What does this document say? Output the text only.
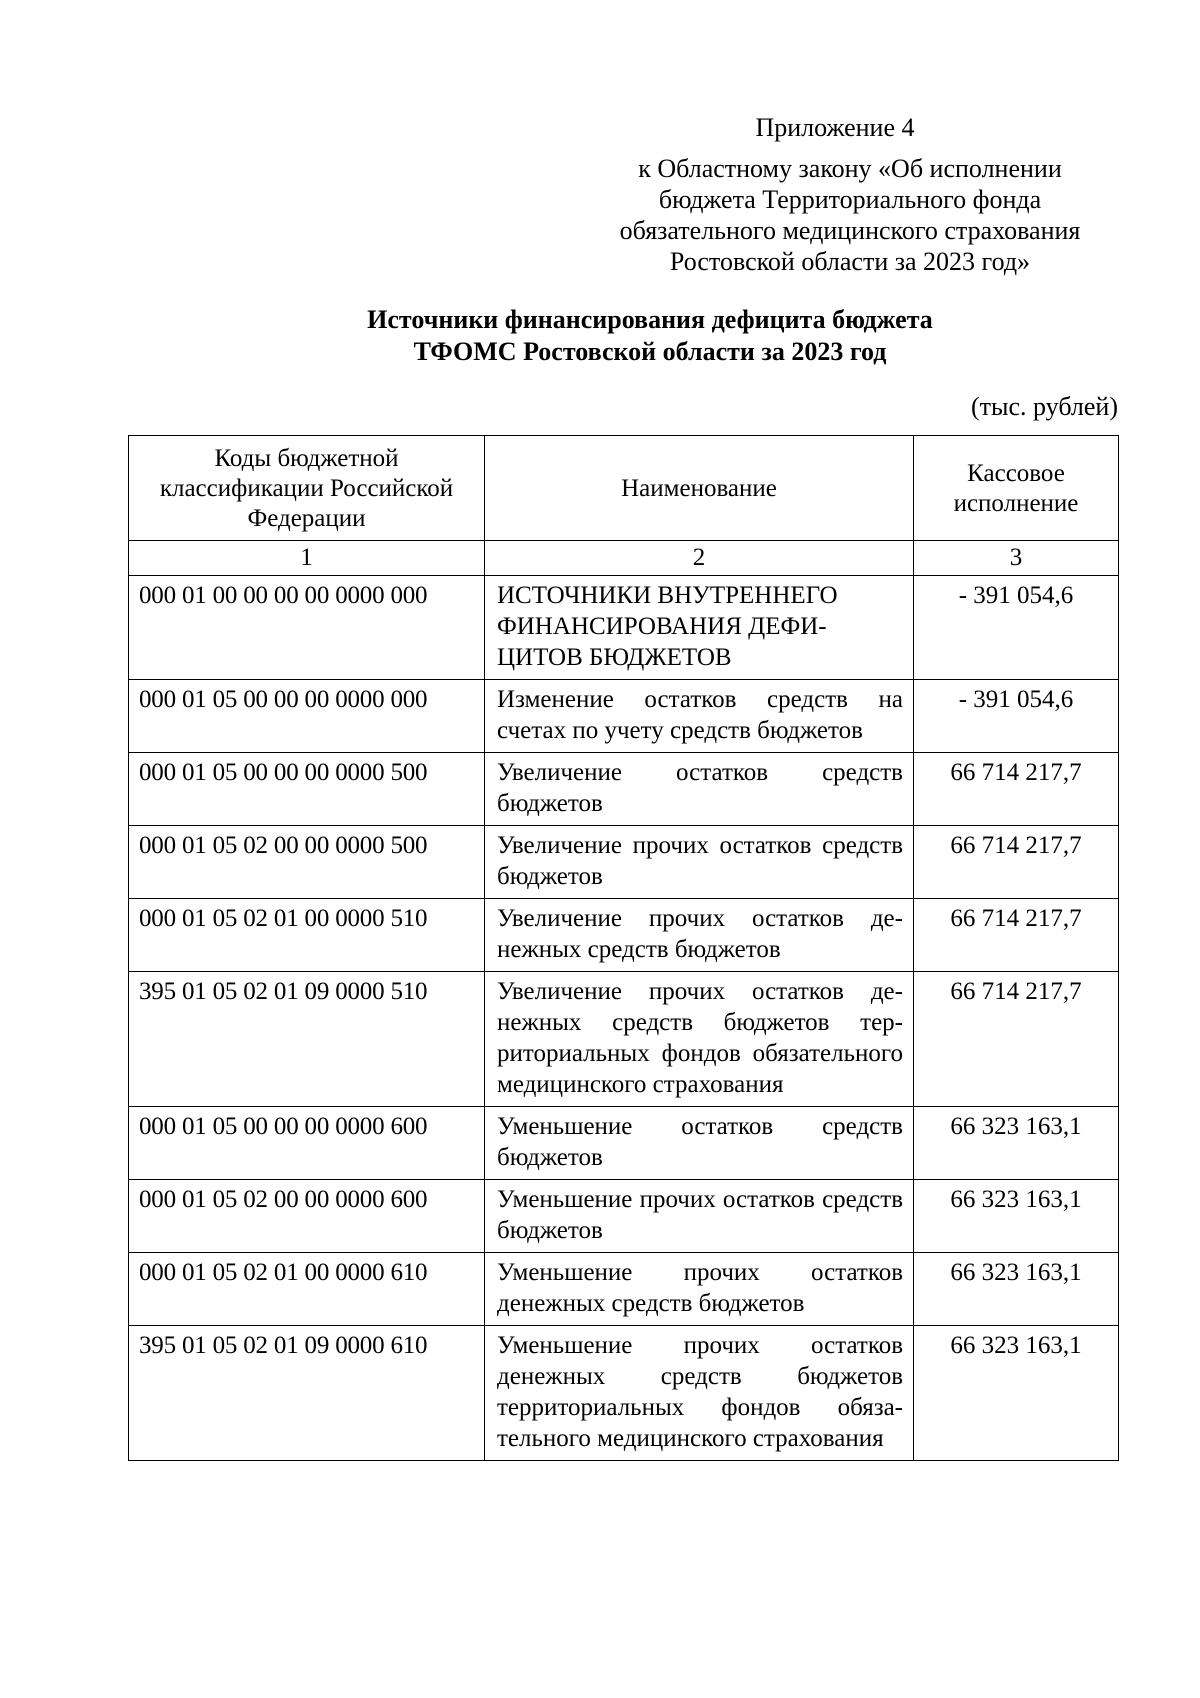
Приложение 4
к Областному закону «Об исполнении
бюджета Территориального фонда
обязательного медицинского страхования
Ростовской области за 2023 год»
Источники финансирования дефицита бюджета
ТФОМС Ростовской области за 2023 год
(тыс. рублей)
Коды бюджетной классификации Российской Федерации	Наименование	Кассовое исполнение
1	2	3
000 01 00 00 00 00 0000 000	ИСТОЧНИКИ ВНУТРЕННЕГО ФИНАНСИРОВАНИЯ ДЕФИЦИТОВ БЮДЖЕТОВ	- 391 054,6
000 01 05 00 00 00 0000 000	Изменение остатков средств на счетах по учету средств бюджетов	- 391 054,6
000 01 05 00 00 00 0000 500	Увеличение остатков средств бюджетов	66 714 217,7
000 01 05 02 00 00 0000 500	Увеличение прочих остатков средств бюджетов	66 714 217,7
000 01 05 02 01 00 0000 510	Увеличение прочих остатков денежных средств бюджетов	66 714 217,7
395 01 05 02 01 09 0000 510	Увеличение прочих остатков денежных средств бюджетов территориальных фондов обязательного медицинского страхования	66 714 217,7
000 01 05 00 00 00 0000 600	Уменьшение остатков средств бюджетов	66 323 163,1
000 01 05 02 00 00 0000 600	Уменьшение прочих остатков средств бюджетов	66 323 163,1
000 01 05 02 01 00 0000 610	Уменьшение прочих остатков денежных средств бюджетов	66 323 163,1
395 01 05 02 01 09 0000 610	Уменьшение прочих остатков денежных средств бюджетов территориальных фондов обязательного медицинского страхования	66 323 163,1
